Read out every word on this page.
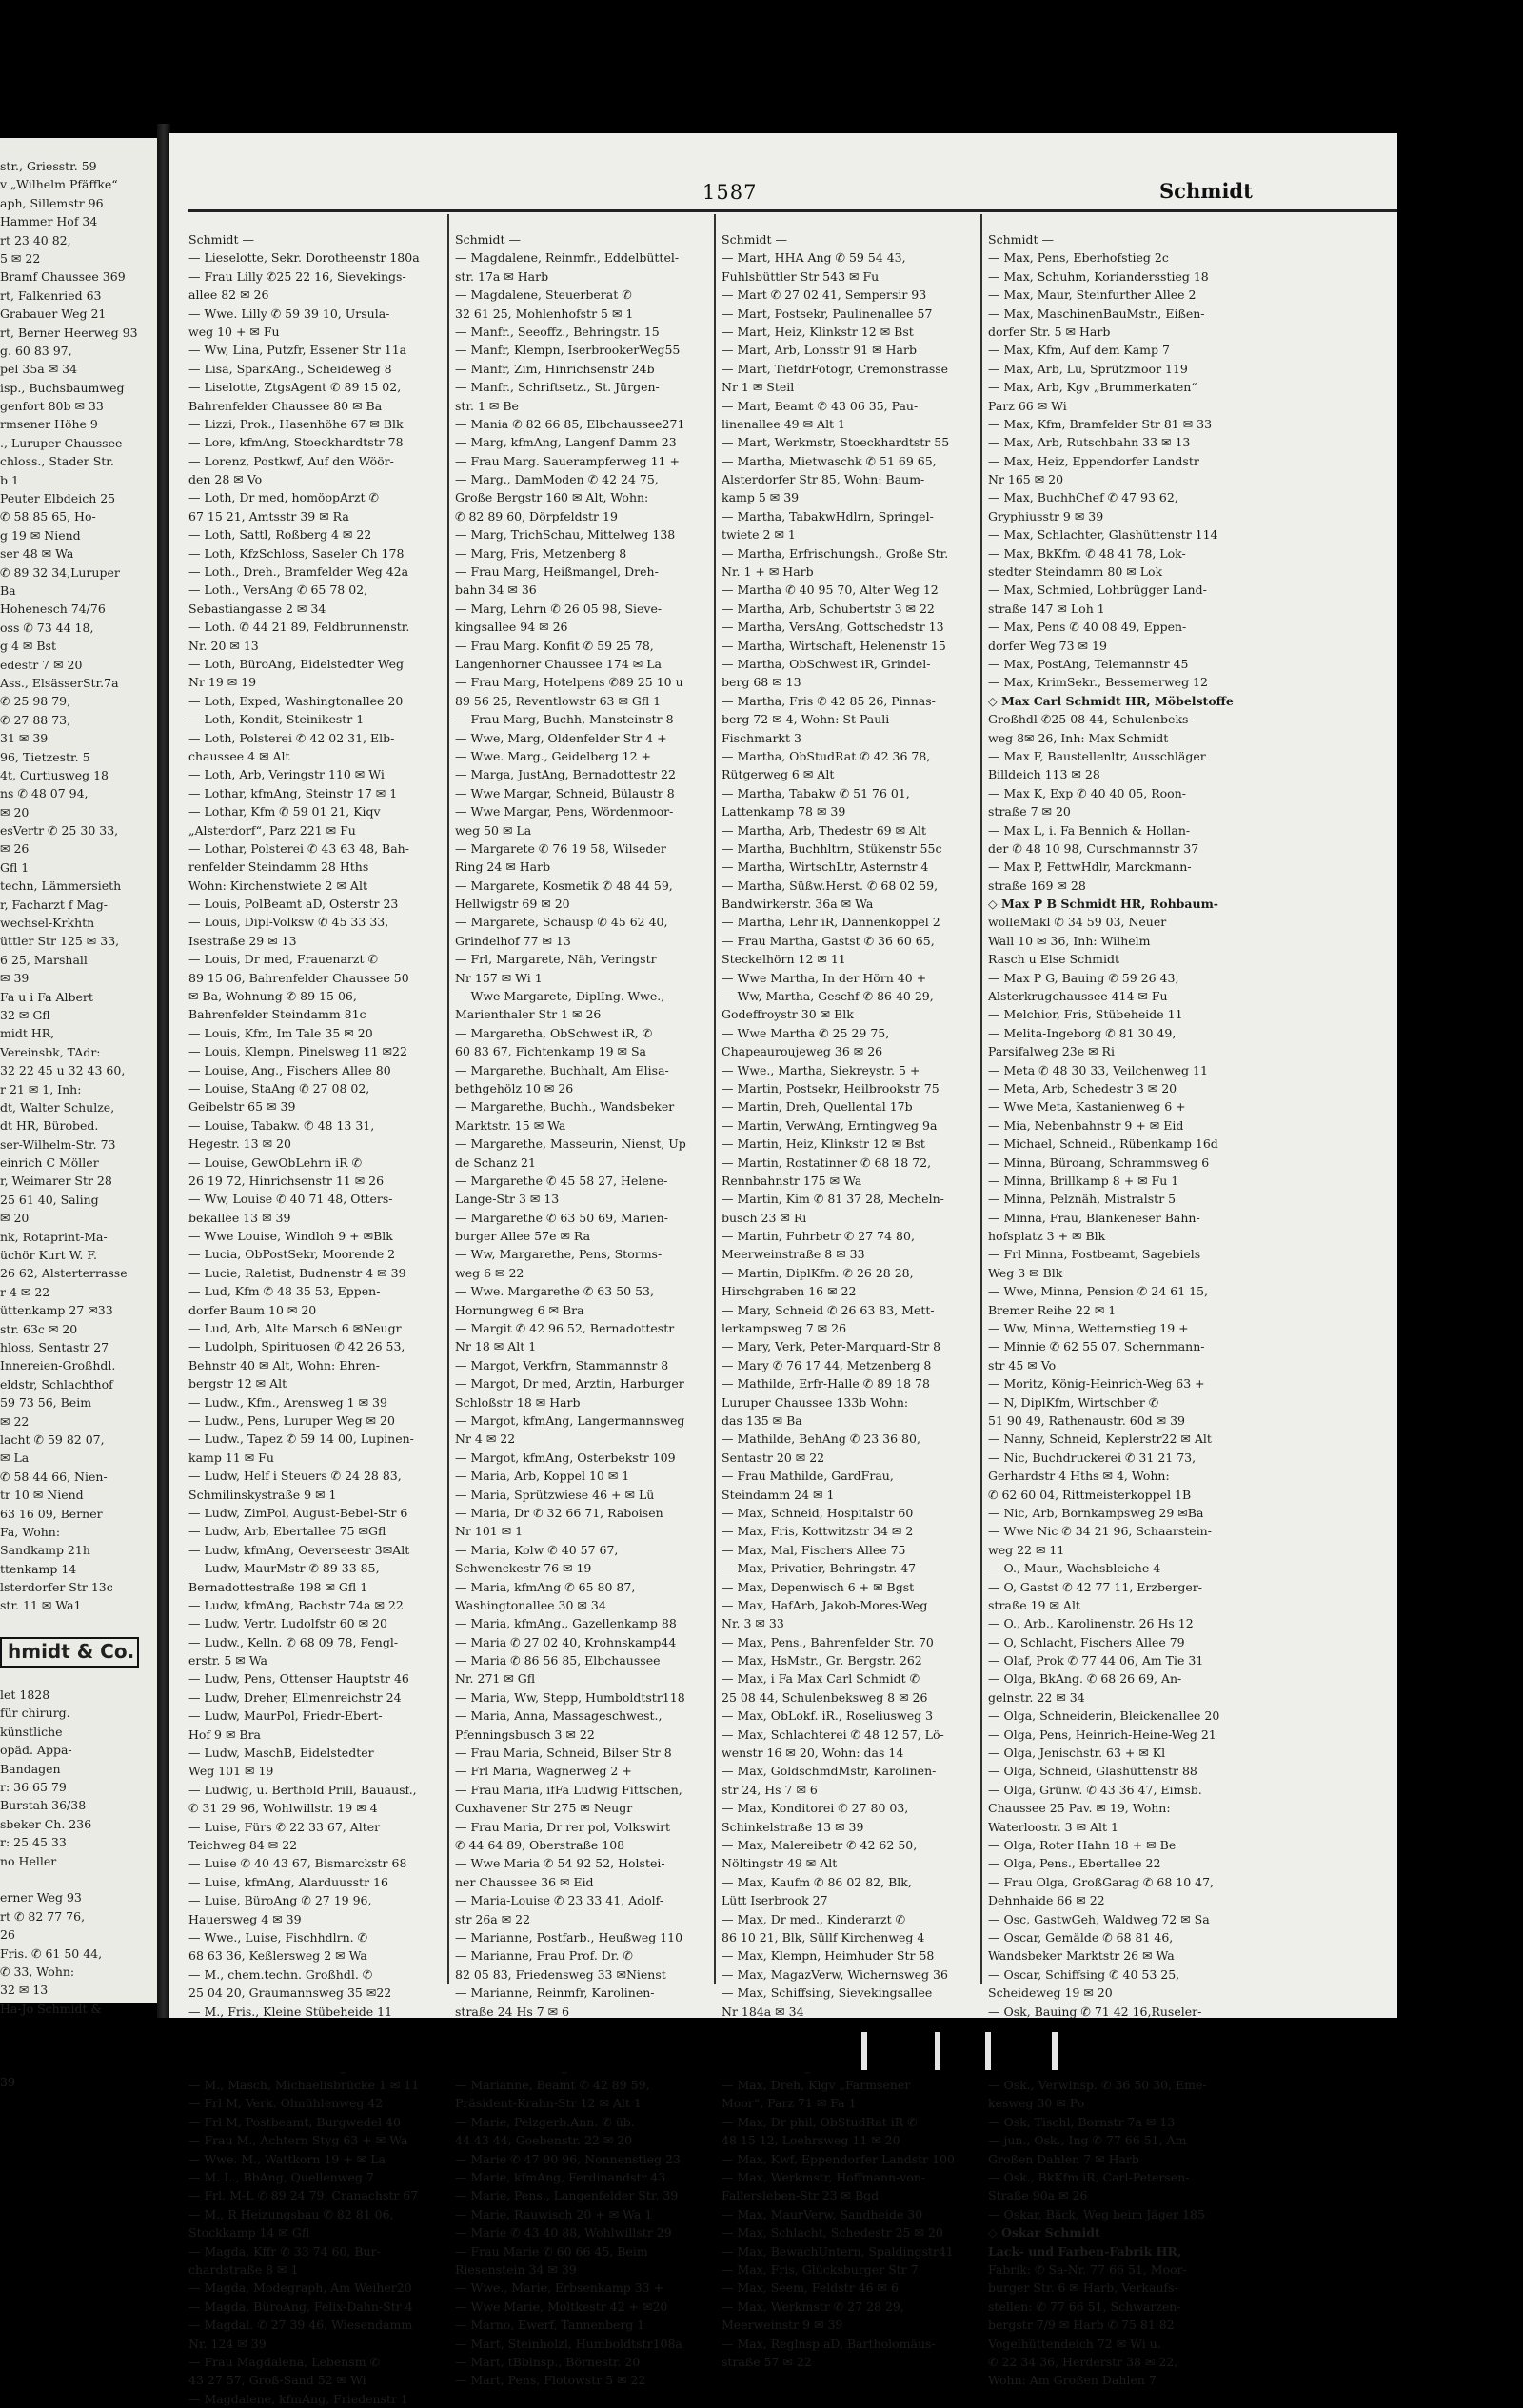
str., Griesstr. 59
v „Wilhelm Pfäffke“
aph, Sillemstr 96
Hammer Hof 34
rt 23 40 82,
5 ✉ 22
Bramf Chaussee 369
rt, Falkenried 63
Grabauer Weg 21
rt, Berner Heerweg 93
g. 60 83 97,
pel 35a ✉ 34
isp., Buchsbaumweg
genfort 80b ✉ 33
rmsener Höhe 9
., Luruper Chaussee
chloss., Stader Str.
b 1
Peuter Elbdeich 25
✆ 58 85 65, Ho-
g 19 ✉ Niend
ser 48 ✉ Wa
✆ 89 32 34,Luruper
Ba
Hohenesch 74/76
oss ✆ 73 44 18,
g 4 ✉ Bst
edestr 7 ✉ 20
Ass., ElsässerStr.7a
✆ 25 98 79,
✆ 27 88 73,
31 ✉ 39
96, Tietzestr. 5
4t, Curtiusweg 18
ns ✆ 48 07 94,
✉ 20
esVertr ✆ 25 30 33,
✉ 26
Gfl 1
techn, Lämmersieth
r, Facharzt f Mag-
wechsel-Krkhtn
üttler Str 125 ✉ 33,
6 25, Marshall
✉ 39
Fa u i Fa Albert
32 ✉ Gfl
midt HR,
Vereinsbk, TAdr:
32 22 45 u 32 43 60,
r 21 ✉ 1, Inh:
dt, Walter Schulze,
dt HR, Bürobed.
ser-Wilhelm-Str. 73
einrich C Möller
r, Weimarer Str 28
25 61 40, Saling
✉ 20
nk, Rotaprint-Ma-
üchör Kurt W. F.
26 62, Alsterterrasse
r 4 ✉ 22
üttenkamp 27 ✉33
str. 63c ✉ 20
hloss, Sentastr 27
Innereien-Großhdl.
eldstr, Schlachthof
59 73 56, Beim
✉ 22
lacht ✆ 59 82 07,
✉ La
✆ 58 44 66, Nien-
tr 10 ✉ Niend
63 16 09, Berner
Fa, Wohn:
Sandkamp 21h
ttenkamp 14
lsterdorfer Str 13c
str. 11 ✉ Wa1
hmidt & Co.
let 1828
für chirurg.
künstliche
opäd. Appa-
Bandagen
r: 36 65 79
Burstah 36/38
sbeker Ch. 236
r: 25 45 33
no Heller
erner Weg 93
rt ✆ 82 77 76,
26
Fris. ✆ 61 50 44,
✆ 33, Wohn:
32 ✉ 13
Ha-Jo Schmidt &
39
1587	Schmidt
Schmidt —
— Lieselotte, Sekr. Dorotheenstr 180a
— Frau Lilly ✆25 22 16, Sievekings-
allee 82 ✉ 26
— Wwe. Lilly ✆ 59 39 10, Ursula-
weg 10 + ✉ Fu
— Ww, Lina, Putzfr, Essener Str 11a
— Lisa, SparkAng., Scheideweg 8
— Liselotte, ZtgsAgent ✆ 89 15 02,
Bahrenfelder Chaussee 80 ✉ Ba
— Lizzi, Prok., Hasenhöhe 67 ✉ Blk
— Lore, kfmAng, Stoeckhardtstr 78
— Lorenz, Postkwf, Auf den Wöör-
den 28 ✉ Vo
— Loth, Dr med, homöopArzt ✆
67 15 21, Amtsstr 39 ✉ Ra
— Loth, Sattl, Roßberg 4 ✉ 22
— Loth, KfzSchloss, Saseler Ch 178
— Loth., Dreh., Bramfelder Weg 42a
— Loth., VersAng ✆ 65 78 02,
Sebastiangasse 2 ✉ 34
— Loth. ✆ 44 21 89, Feldbrunnenstr.
Nr. 20 ✉ 13
— Loth, BüroAng, Eidelstedter Weg
Nr 19 ✉ 19
— Loth, Exped, Washingtonallee 20
— Loth, Kondit, Steinikestr 1
— Loth, Polsterei ✆ 42 02 31, Elb-
chaussee 4 ✉ Alt
— Loth, Arb, Veringstr 110 ✉ Wi
— Lothar, kfmAng, Steinstr 17 ✉ 1
— Lothar, Kfm ✆ 59 01 21, Kiqv
„Alsterdorf“, Parz 221 ✉ Fu
— Lothar, Polsterei ✆ 43 63 48, Bah-
renfelder Steindamm 28 Hths
Wohn: Kirchenstwiete 2 ✉ Alt
— Louis, PolBeamt aD, Osterstr 23
— Louis, Dipl-Volksw ✆ 45 33 33,
Isestraße 29 ✉ 13
— Louis, Dr med, Frauenarzt ✆
89 15 06, Bahrenfelder Chaussee 50
✉ Ba, Wohnung ✆ 89 15 06,
Bahrenfelder Steindamm 81c
— Louis, Kfm, Im Tale 35 ✉ 20
— Louis, Klempn, Pinelsweg 11 ✉22
— Louise, Ang., Fischers Allee 80
— Louise, StaAng ✆ 27 08 02,
Geibelstr 65 ✉ 39
— Louise, Tabakw. ✆ 48 13 31,
Hegestr. 13 ✉ 20
— Louise, GewObLehrn iR ✆
26 19 72, Hinrichsenstr 11 ✉ 26
— Ww, Louise ✆ 40 71 48, Otters-
bekallee 13 ✉ 39
— Wwe Louise, Windloh 9 + ✉Blk
— Lucia, ObPostSekr, Moorende 2
— Lucie, Raletist, Budnenstr 4 ✉ 39
— Lud, Kfm ✆ 48 35 53, Eppen-
dorfer Baum 10 ✉ 20
— Lud, Arb, Alte Marsch 6 ✉Neugr
— Ludolph, Spirituosen ✆ 42 26 53,
Behnstr 40 ✉ Alt, Wohn: Ehren-
bergstr 12 ✉ Alt
— Ludw., Kfm., Arensweg 1 ✉ 39
— Ludw., Pens, Luruper Weg ✉ 20
— Ludw., Tapez ✆ 59 14 00, Lupinen-
kamp 11 ✉ Fu
— Ludw, Helf i Steuers ✆ 24 28 83,
Schmilinskystraße 9 ✉ 1
— Ludw, ZimPol, August-Bebel-Str 6
— Ludw, Arb, Ebertallee 75 ✉Gfl
— Ludw, kfmAng, Oeverseestr 3✉Alt
— Ludw, MaurMstr ✆ 89 33 85,
Bernadottestraße 198 ✉ Gfl 1
— Ludw, kfmAng, Bachstr 74a ✉ 22
— Ludw, Vertr, Ludolfstr 60 ✉ 20
— Ludw., Kelln. ✆ 68 09 78, Fengl-
erstr. 5 ✉ Wa
— Ludw, Pens, Ottenser Hauptstr 46
— Ludw, Dreher, Ellmenreichstr 24
— Ludw, MaurPol, Friedr-Ebert-
Hof 9 ✉ Bra
— Ludw, MaschB, Eidelstedter
Weg 101 ✉ 19
— Ludwig, u. Berthold Prill, Bauausf.,
✆ 31 29 96, Wohlwillstr. 19 ✉ 4
— Luise, Fürs ✆ 22 33 67, Alter
Teichweg 84 ✉ 22
— Luise ✆ 40 43 67, Bismarckstr 68
— Luise, kfmAng, Alarduusstr 16
— Luise, BüroAng ✆ 27 19 96,
Hauersweg 4 ✉ 39
— Wwe., Luise, Fischhdlrn. ✆
68 63 36, Keßlersweg 2 ✉ Wa
— M., chem.techn. Großhdl. ✆
25 04 20, Graumannsweg 35 ✉22
— M., Fris., Kleine Stübeheide 11
— M., Masch, Michaelisbrücke 1 ✉ 11
— Frl M, Verk. Olmühlenweg 42
— Frl M, Postbeamt, Burgwedel 40
— Frau M., Achtern Styg 63 + ✉ Wa
— Wwe. M., Wattkorn 19 + ✉ La
— M. L., BbAng, Quellenweg 7
— Frl. M-L ✆ 89 24 79, Cranachstr 67
— M., R Heizungsbau ✆ 82 81 06,
Stockkamp 14 ✉ Gfl
— Magda, Kffr ✆ 33 74 60, Bur-
chardstraße 8 ✉ 1
— Magda, Modegraph, Am Weiher20
— Magda, BüroAng, Felix-Dahn-Str 4
— Magdal. ✆ 27 39 46, Wiesendamm
Nr. 124 ✉ 39
— Frau Magdalena, Lebensm ✆
43 27 57, Groß-Sand 52 ✉ Wi
— Magdalene, kfmAng, Friedenstr 1
Schmidt —
— Magdalene, Reinmfr., Eddelbüttel-
str. 17a ✉ Harb
— Magdalene, Steuerberat ✆
32 61 25, Mohlenhofstr 5 ✉ 1
— Manfr., Seeoffz., Behringstr. 15
— Manfr, Klempn, IserbrookerWeg55
— Manfr, Zim, Hinrichsenstr 24b
— Manfr., Schriftsetz., St. Jürgen-
str. 1 ✉ Be
— Mania ✆ 82 66 85, Elbchaussee271
— Marg, kfmAng, Langenf Damm 23
— Frau Marg. Sauerampferweg 11 +
— Marg., DamModen ✆ 42 24 75,
Große Bergstr 160 ✉ Alt, Wohn:
✆ 82 89 60, Dörpfeldstr 19
— Marg, TrichSchau, Mittelweg 138
— Marg, Fris, Metzenberg 8
— Frau Marg, Heißmangel, Dreh-
bahn 34 ✉ 36
— Marg, Lehrn ✆ 26 05 98, Sieve-
kingsallee 94 ✉ 26
— Frau Marg. Konfit ✆ 59 25 78,
Langenhorner Chaussee 174 ✉ La
— Frau Marg, Hotelpens ✆89 25 10 u
89 56 25, Reventlowstr 63 ✉ Gfl 1
— Frau Marg, Buchh, Mansteinstr 8
— Wwe, Marg, Oldenfelder Str 4 +
— Wwe. Marg., Geidelberg 12 +
— Marga, JustAng, Bernadottestr 22
— Wwe Margar, Schneid, Bülaustr 8
— Wwe Margar, Pens, Wördenmoor-
weg 50 ✉ La
— Margarete ✆ 76 19 58, Wilseder
Ring 24 ✉ Harb
— Margarete, Kosmetik ✆ 48 44 59,
Hellwigstr 69 ✉ 20
— Margarete, Schausp ✆ 45 62 40,
Grindelhof 77 ✉ 13
— Frl, Margarete, Näh, Veringstr
Nr 157 ✉ Wi 1
— Wwe Margarete, DiplIng.-Wwe.,
Marienthaler Str 1 ✉ 26
— Margaretha, ObSchwest iR, ✆
60 83 67, Fichtenkamp 19 ✉ Sa
— Margarethe, Buchhalt, Am Elisa-
bethgehölz 10 ✉ 26
— Margarethe, Buchh., Wandsbeker
Marktstr. 15 ✉ Wa
— Margarethe, Masseurin, Nienst, Up
de Schanz 21
— Margarethe ✆ 45 58 27, Helene-
Lange-Str 3 ✉ 13
— Margarethe ✆ 63 50 69, Marien-
burger Allee 57e ✉ Ra
— Ww, Margarethe, Pens, Storms-
weg 6 ✉ 22
— Wwe. Margarethe ✆ 63 50 53,
Hornungweg 6 ✉ Bra
— Margit ✆ 42 96 52, Bernadottestr
Nr 18 ✉ Alt 1
— Margot, Verkfrn, Stammannstr 8
— Margot, Dr med, Arztin, Harburger
Schloßstr 18 ✉ Harb
— Margot, kfmAng, Langermannsweg
Nr 4 ✉ 22
— Margot, kfmAng, Osterbekstr 109
— Maria, Arb, Koppel 10 ✉ 1
— Maria, Sprützwiese 46 + ✉ Lü
— Maria, Dr ✆ 32 66 71, Raboisen
Nr 101 ✉ 1
— Maria, Kolw ✆ 40 57 67,
Schwenckestr 76 ✉ 19
— Maria, kfmAng ✆ 65 80 87,
Washingtonallee 30 ✉ 34
— Maria, kfmAng., Gazellenkamp 88
— Maria ✆ 27 02 40, Krohnskamp44
— Maria ✆ 86 56 85, Elbchaussee
Nr. 271 ✉ Gfl
— Maria, Ww, Stepp, Humboldtstr118
— Maria, Anna, Massageschwest.,
Pfenningsbusch 3 ✉ 22
— Frau Maria, Schneid, Bilser Str 8
— Frl Maria, Wagnerweg 2 +
— Frau Maria, ifFa Ludwig Fittschen,
Cuxhavener Str 275 ✉ Neugr
— Frau Maria, Dr rer pol, Volkswirt
✆ 44 64 89, Oberstraße 108
— Wwe Maria ✆ 54 92 52, Holstei-
ner Chaussee 36 ✉ Eid
— Maria-Louise ✆ 23 33 41, Adolf-
str 26a ✉ 22
— Marianne, Postfarb., Heußweg 110
— Marianne, Frau Prof. Dr. ✆
82 05 83, Friedensweg 33 ✉Nienst
— Marianne, Reinmfr, Karolinen-
straße 24 Hs 7 ✉ 6
— Marianne, Beamt ✆ 42 89 59,
Präsident-Krahn-Str 12 ✉ Alt 1
— Marie, Pelzgerb.Ann. ✆ üb.
44 43 44, Goebenstr. 22 ✉ 20
— Marie ✆ 47 90 96, Nonnenstieg 23
— Marie, kfmAng, Ferdinandstr 43
— Marie, Pens., Langenfelder Str. 39
— Marie, Rauwisch 20 + ✉ Wa 1
— Marie ✆ 43 40 88, Wohlwillstr 29
— Frau Marie ✆ 60 66 45, Beim
Riesenstein 34 ✉ 39
— Wwe., Marie, Erbsenkamp 33 +
— Wwe Marie, Moltkestr 42 + ✉20
— Marno, Ewerf, Tannenberg 1
— Mart, Steinholzl, Humboldtstr108a
— Mart, tBblnsp., Börnestr. 20
— Mart, Pens, Flotowstr 5 ✉ 22
Schmidt —
— Mart, HHA Ang ✆ 59 54 43,
Fuhlsbüttler Str 543 ✉ Fu
— Mart ✆ 27 02 41, Sempersir 93
— Mart, Postsekr, Paulinenallee 57
— Mart, Heiz, Klinkstr 12 ✉ Bst
— Mart, Arb, Lonsstr 91 ✉ Harb
— Mart, TiefdrFotogr, Cremonstrasse
Nr 1 ✉ Steil
— Mart, Beamt ✆ 43 06 35, Pau-
linenallee 49 ✉ Alt 1
— Mart, Werkmstr, Stoeckhardtstr 55
— Martha, Mietwaschk ✆ 51 69 65,
Alsterdorfer Str 85, Wohn: Baum-
kamp 5 ✉ 39
— Martha, TabakwHdlrn, Springel-
twiete 2 ✉ 1
— Martha, Erfrischungsh., Große Str.
Nr. 1 + ✉ Harb
— Martha ✆ 40 95 70, Alter Weg 12
— Martha, Arb, Schubertstr 3 ✉ 22
— Martha, VersAng, Gottschedstr 13
— Martha, Wirtschaft, Helenenstr 15
— Martha, ObSchwest iR, Grindel-
berg 68 ✉ 13
— Martha, Fris ✆ 42 85 26, Pinnas-
berg 72 ✉ 4, Wohn: St Pauli
Fischmarkt 3
— Martha, ObStudRat ✆ 42 36 78,
Rütgerweg 6 ✉ Alt
— Martha, Tabakw ✆ 51 76 01,
Lattenkamp 78 ✉ 39
— Martha, Arb, Thedestr 69 ✉ Alt
— Martha, Buchhltrn, Stükenstr 55c
— Martha, WirtschLtr, Asternstr 4
— Martha, Süßw.Herst. ✆ 68 02 59,
Bandwirkerstr. 36a ✉ Wa
— Martha, Lehr iR, Dannenkoppel 2
— Frau Martha, Gastst ✆ 36 60 65,
Steckelhörn 12 ✉ 11
— Wwe Martha, In der Hörn 40 +
— Ww, Martha, Geschf ✆ 86 40 29,
Godeffroystr 30 ✉ Blk
— Wwe Martha ✆ 25 29 75,
Chapeauroujeweg 36 ✉ 26
— Wwe., Martha, Siekreystr. 5 +
— Martin, Postsekr, Heilbrookstr 75
— Martin, Dreh, Quellental 17b
— Martin, VerwAng, Erntingweg 9a
— Martin, Heiz, Klinkstr 12 ✉ Bst
— Martin, Rostatinner ✆ 68 18 72,
Rennbahnstr 175 ✉ Wa
— Martin, Kim ✆ 81 37 28, Mecheln-
busch 23 ✉ Ri
— Martin, Fuhrbetr ✆ 27 74 80,
Meerweinstraße 8 ✉ 33
— Martin, DiplKfm. ✆ 26 28 28,
Hirschgraben 16 ✉ 22
— Mary, Schneid ✆ 26 63 83, Mett-
lerkampsweg 7 ✉ 26
— Mary, Verk, Peter-Marquard-Str 8
— Mary ✆ 76 17 44, Metzenberg 8
— Mathilde, Erfr-Halle ✆ 89 18 78
Luruper Chaussee 133b Wohn:
das 135 ✉ Ba
— Mathilde, BehAng ✆ 23 36 80,
Sentastr 20 ✉ 22
— Frau Mathilde, GardFrau,
Steindamm 24 ✉ 1
— Max, Schneid, Hospitalstr 60
— Max, Fris, Kottwitzstr 34 ✉ 2
— Max, Mal, Fischers Allee 75
— Max, Privatier, Behringstr. 47
— Max, Depenwisch 6 + ✉ Bgst
— Max, HafArb, Jakob-Mores-Weg
Nr. 3 ✉ 33
— Max, Pens., Bahrenfelder Str. 70
— Max, HsMstr., Gr. Bergstr. 262
— Max, i Fa Max Carl Schmidt ✆
25 08 44, Schulenbeksweg 8 ✉ 26
— Max, ObLokf. iR., Roseliusweg 3
— Max, Schlachterei ✆ 48 12 57, Lö-
wenstr 16 ✉ 20, Wohn: das 14
— Max, GoldschmdMstr, Karolinen-
str 24, Hs 7 ✉ 6
— Max, Konditorei ✆ 27 80 03,
Schinkelstraße 13 ✉ 39
— Max, Malereibetr ✆ 42 62 50,
Nöltingstr 49 ✉ Alt
— Max, Kaufm ✆ 86 02 82, Blk,
Lütt Iserbrook 27
— Max, Dr med., Kinderarzt ✆
86 10 21, Blk, Süllf Kirchenweg 4
— Max, Klempn, Heimhuder Str 58
— Max, MagazVerw, Wichernsweg 36
— Max, Schiffsing, Sievekingsallee
Nr 184a ✉ 34
— Max, Dreh, Klgv „Farmsener
Moor“, Parz 71 ✉ Fa 1
— Max, Dr phil, ObStudRat iR ✆
48 15 12, Loehrsweg 11 ✉ 20
— Max, Kwf, Eppendorfer Landstr 100
— Max, Werkmstr, Hoffmann-von-
Fallersleben-Str 23 ✉ Bgd
— Max, MaurVerw, Sandheide 30
— Max, Schlacht, Schedestr 25 ✉ 20
— Max, BewachUntern, Spaldingstr41
— Max, Fris, Glücksburger Str 7
— Max, Seem, Feldstr 46 ✉ 6
— Max, Werkmstr ✆ 27 28 29,
Meerweinstr 9 ✉ 39
— Max, Reglnsp aD, Bartholomäus-
straße 57 ✉ 22
Schmidt —
— Max, Pens, Eberhofstieg 2c
— Max, Schuhm, Koriandersstieg 18
— Max, Maur, Steinfurther Allee 2
— Max, MaschinenBauMstr., Eißen-
dorfer Str. 5 ✉ Harb
— Max, Kfm, Auf dem Kamp 7
— Max, Arb, Lu, Sprützmoor 119
— Max, Arb, Kgv „Brummerkaten“
Parz 66 ✉ Wi
— Max, Kfm, Bramfelder Str 81 ✉ 33
— Max, Arb, Rutschbahn 33 ✉ 13
— Max, Heiz, Eppendorfer Landstr
Nr 165 ✉ 20
— Max, BuchhChef ✆ 47 93 62,
Gryphiusstr 9 ✉ 39
— Max, Schlachter, Glashüttenstr 114
— Max, BkKfm. ✆ 48 41 78, Lok-
stedter Steindamm 80 ✉ Lok
— Max, Schmied, Lohbrügger Land-
straße 147 ✉ Loh 1
— Max, Pens ✆ 40 08 49, Eppen-
dorfer Weg 73 ✉ 19
— Max, PostAng, Telemannstr 45
— Max, KrimSekr., Bessemerweg 12
◇ Max Carl Schmidt HR, Möbelstoffe
Großhdl ✆25 08 44, Schulenbeks-
weg 8✉ 26, Inh: Max Schmidt
— Max F, Baustellenltr, Ausschläger
Billdeich 113 ✉ 28
— Max K, Exp ✆ 40 40 05, Roon-
straße 7 ✉ 20
— Max L, i. Fa Bennich & Hollan-
der ✆ 48 10 98, Curschmannstr 37
— Max P, FettwHdlr, Marckmann-
straße 169 ✉ 28
◇ Max P B Schmidt HR, Rohbaum-
wolleMakl ✆ 34 59 03, Neuer
Wall 10 ✉ 36, Inh: Wilhelm
Rasch u Else Schmidt
— Max P G, Bauing ✆ 59 26 43,
Alsterkrugchaussee 414 ✉ Fu
— Melchior, Fris, Stübeheide 11
— Melita-Ingeborg ✆ 81 30 49,
Parsifalweg 23e ✉ Ri
— Meta ✆ 48 30 33, Veilchenweg 11
— Meta, Arb, Schedestr 3 ✉ 20
— Wwe Meta, Kastanienweg 6 +
— Mia, Nebenbahnstr 9 + ✉ Eid
— Michael, Schneid., Rübenkamp 16d
— Minna, Büroang, Schrammsweg 6
— Minna, Brillkamp 8 + ✉ Fu 1
— Minna, Pelznäh, Mistralstr 5
— Minna, Frau, Blankeneser Bahn-
hofsplatz 3 + ✉ Blk
— Frl Minna, Postbeamt, Sagebiels
Weg 3 ✉ Blk
— Wwe, Minna, Pension ✆ 24 61 15,
Bremer Reihe 22 ✉ 1
— Ww, Minna, Wetternstieg 19 +
— Minnie ✆ 62 55 07, Schernmann-
str 45 ✉ Vo
— Moritz, König-Heinrich-Weg 63 +
— N, DiplKfm, Wirtschber ✆
51 90 49, Rathenaustr. 60d ✉ 39
— Nanny, Schneid, Keplerstr22 ✉ Alt
— Nic, Buchdruckerei ✆ 31 21 73,
Gerhardstr 4 Hths ✉ 4, Wohn:
✆ 62 60 04, Rittmeisterkoppel 1B
— Nic, Arb, Bornkampsweg 29 ✉Ba
— Wwe Nic ✆ 34 21 96, Schaarstein-
weg 22 ✉ 11
— O., Maur., Wachsbleiche 4
— O, Gastst ✆ 42 77 11, Erzberger-
straße 19 ✉ Alt
— O., Arb., Karolinenstr. 26 Hs 12
— O, Schlacht, Fischers Allee 79
— Olaf, Prok ✆ 77 44 06, Am Tie 31
— Olga, BkAng. ✆ 68 26 69, An-
gelnstr. 22 ✉ 34
— Olga, Schneiderin, Bleickenallee 20
— Olga, Pens, Heinrich-Heine-Weg 21
— Olga, Jenischstr. 63 + ✉ Kl
— Olga, Schneid, Glashüttenstr 88
— Olga, Grünw. ✆ 43 36 47, Eimsb.
Chaussee 25 Pav. ✉ 19, Wohn:
Waterloostr. 3 ✉ Alt 1
— Olga, Roter Hahn 18 + ✉ Be
— Olga, Pens., Ebertallee 22
— Frau Olga, GroßGarag ✆ 68 10 47,
Dehnhaide 66 ✉ 22
— Osc, GastwGeh, Waldweg 72 ✉ Sa
— Oscar, Gemälde ✆ 68 81 46,
Wandsbeker Marktstr 26 ✉ Wa
— Oscar, Schiffsing ✆ 40 53 25,
Scheideweg 19 ✉ 20
— Osk, Bauing ✆ 71 42 16,Ruseler-
— Osk., Verwlnsp. ✆ 36 50 30, Eme-
kesweg 30 ✉ Po
— Osk, Tischl, Bornstr 7a ✉ 13
— jun., Osk., Ing ✆ 77 66 51, Am
Großen Dahlen 7 ✉ Harb
— Osk., BkKfm iR, Carl-Petersen-
Straße 90a ✉ 26
— Oskar, Bäck, Weg beim Jäger 185
◇ Oskar Schmidt
Lack- und Farben-Fabrik HR,
Fabrik: ✆ Sa-Nr. 77 66 51, Moor-
burger Str. 6 ✉ Harb, Verkaufs-
stellen: ✆ 77 66 51, Schwarzen-
bergstr 7/9 ✉ Harb ✆ 75 81 82
Vogelhüttendeich 72 ✉ Wi u.
✆ 22 34 36, Herderstr 38 ✉ 22,
Wohn: Am Großen Dahlen 7
